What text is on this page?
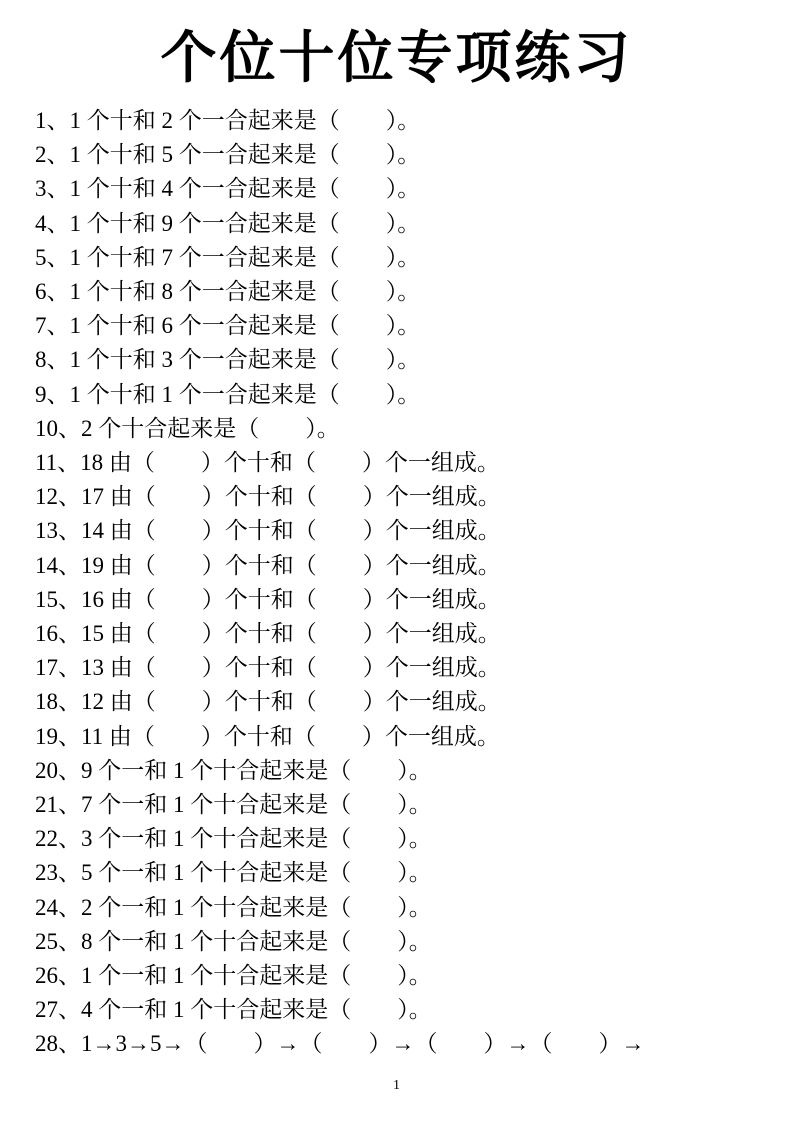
个位十位专项练习
1、1 个十和 2 个一合起来是（　　）。
2、1 个十和 5 个一合起来是（　　）。
3、1 个十和 4 个一合起来是（　　）。
4、1 个十和 9 个一合起来是（　　）。
5、1 个十和 7 个一合起来是（　　）。
6、1 个十和 8 个一合起来是（　　）。
7、1 个十和 6 个一合起来是（　　）。
8、1 个十和 3 个一合起来是（　　）。
9、1 个十和 1 个一合起来是（　　）。
10、2 个十合起来是（　　）。
11、18 由（　　）个十和（　　）个一组成。
12、17 由（　　）个十和（　　）个一组成。
13、14 由（　　）个十和（　　）个一组成。
14、19 由（　　）个十和（　　）个一组成。
15、16 由（　　）个十和（　　）个一组成。
16、15 由（　　）个十和（　　）个一组成。
17、13 由（　　）个十和（　　）个一组成。
18、12 由（　　）个十和（　　）个一组成。
19、11 由（　　）个十和（　　）个一组成。
20、9 个一和 1 个十合起来是（　　）。
21、7 个一和 1 个十合起来是（　　）。
22、3 个一和 1 个十合起来是（　　）。
23、5 个一和 1 个十合起来是（　　）。
24、2 个一和 1 个十合起来是（　　）。
25、8 个一和 1 个十合起来是（　　）。
26、1 个一和 1 个十合起来是（　　）。
27、4 个一和 1 个十合起来是（　　）。
28、1→3→5→（　　）→（　　）→（　　）→（　　）→
1
